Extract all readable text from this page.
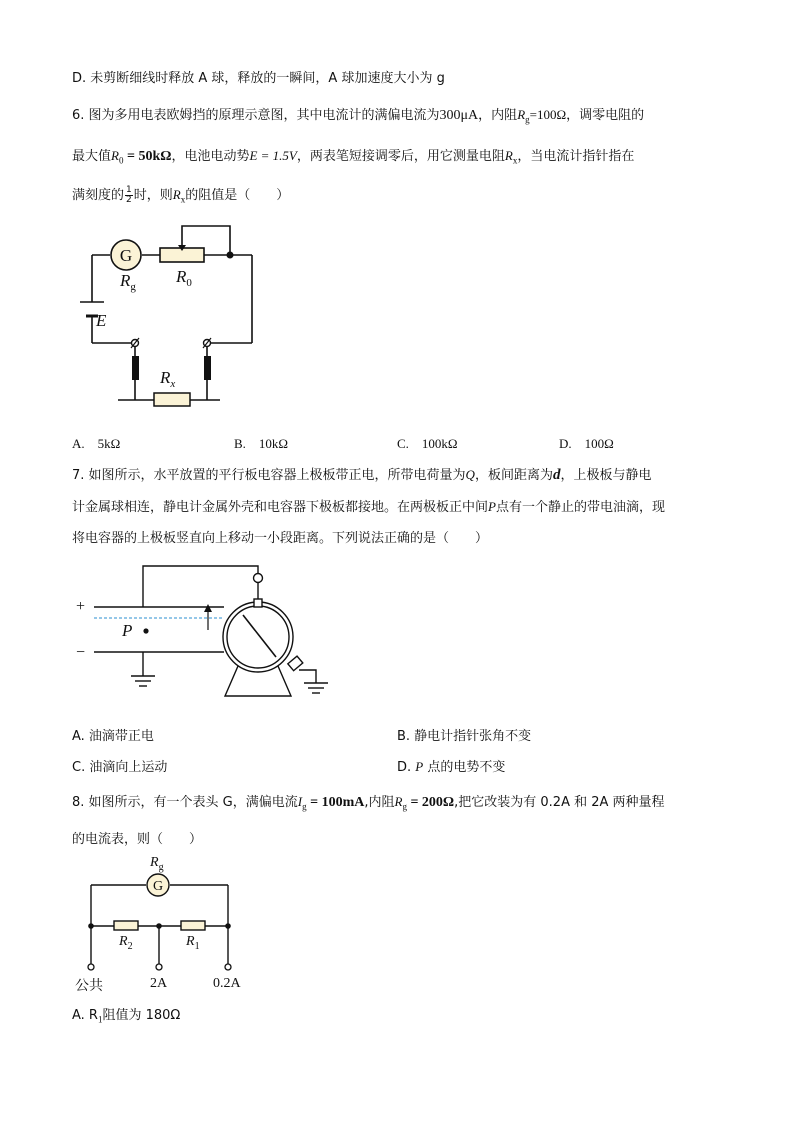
D. 未剪断细线时释放 A 球，释放的一瞬间，A 球加速度大小为 g
6. 图为多用电表欧姆挡的原理示意图，其中电流计的满偏电流为300μA，内阻$R_g=100\Omega$，调零电阻的
最大值$R_0 = 50k\Omega$，电池电动势E = 1.5V，两表笔短接调零后，用它测量电阻$R_x$，当电流计指针指在
满刻度的 $\frac{1}{2}$ 时，则$R_x$的阻值是（　　）
G
$R_g$
$R_0$
E
$R_x$
A.　5kΩ	B.　10kΩ	C.　100kΩ	D.　100Ω
7. 如图所示，水平放置的平行板电容器上极板带正电，所带电荷量为Q，板间距离为d，上极板与静电
计金属球相连，静电计金属外壳和电容器下极板都接地。在两极板正中间P点有一个静止的带电油滴，现
将电容器的上极板竖直向上移动一小段距离。下列说法正确的是（　　）
+
−
P
A. 油滴带正电	B. 静电计指针张角不变
C. 油滴向上运动	D. P 点的电势不变
8. 如图所示，有一个表头 G，满偏电流$I_g = 100mA$,内阻$R_g = 200\Omega$,把它改装为有 0.2A 和 2A 两种量程
的电流表，则（　　）
G
$R_g$
$R_2$	$R_1$
公共	2A	0.2A
A. $R_1$阻值为 180Ω
